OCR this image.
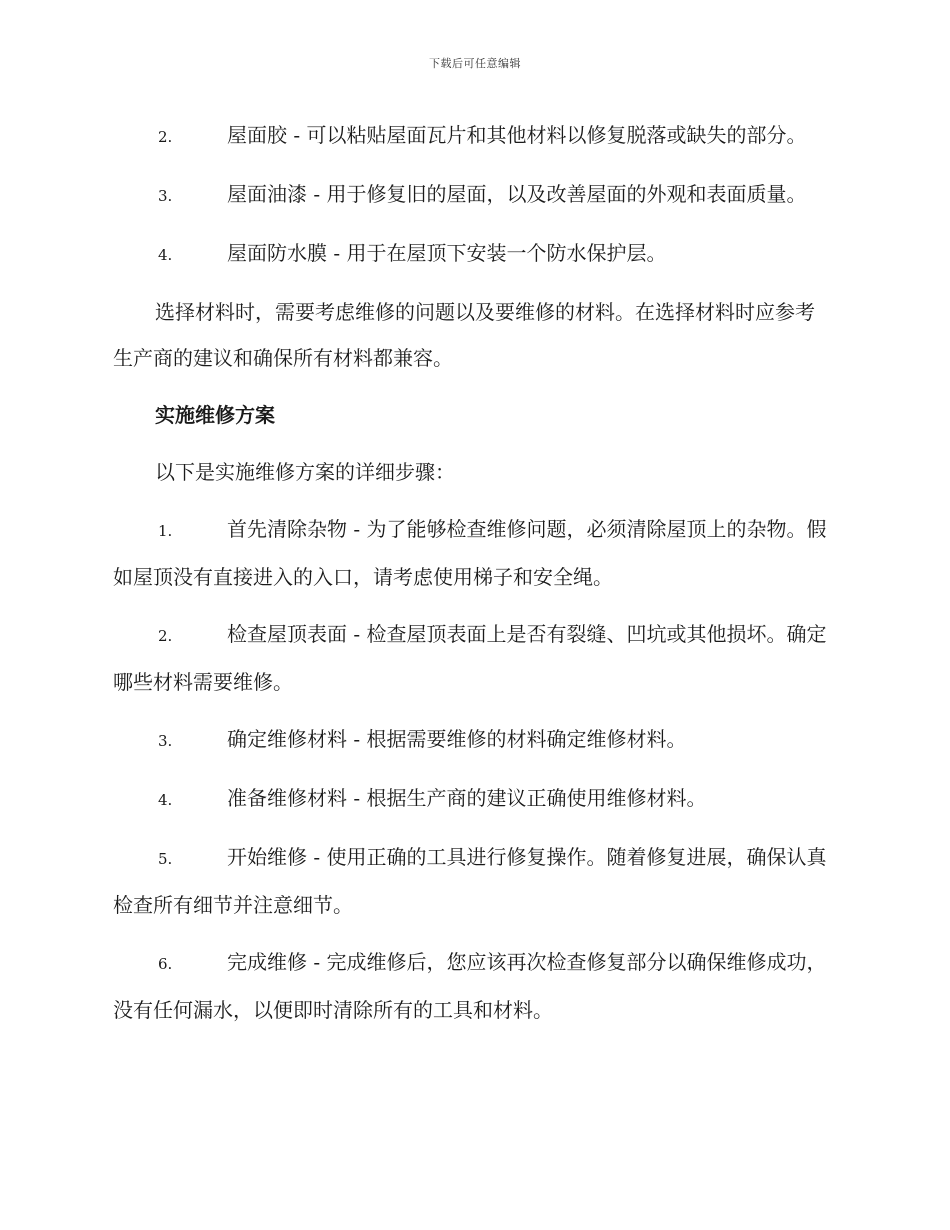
下载后可任意编辑
2.	屋面胶 - 可以粘贴屋面瓦片和其他材料以修复脱落或缺失的部分。
3.	屋面油漆 - 用于修复旧的屋面，以及改善屋面的外观和表面质量。
4.	屋面防水膜 - 用于在屋顶下安装一个防水保护层。

选择材料时，需要考虑维修的问题以及要维修的材料。在选择材料时应参考生产商的建议和确保所有材料都兼容。

实施维修方案

以下是实施维修方案的详细步骤：

1.	首先清除杂物 - 为了能够检查维修问题，必须清除屋顶上的杂物。假如屋顶没有直接进入的入口，请考虑使用梯子和安全绳。
2.	检查屋顶表面 - 检查屋顶表面上是否有裂缝、凹坑或其他损坏。确定哪些材料需要维修。
3.	确定维修材料 - 根据需要维修的材料确定维修材料。
4.	准备维修材料 - 根据生产商的建议正确使用维修材料。
5.	开始维修 - 使用正确的工具进行修复操作。随着修复进展，确保认真检查所有细节并注意细节。
6.	完成维修 - 完成维修后，您应该再次检查修复部分以确保维修成功，没有任何漏水，以便即时清除所有的工具和材料。
